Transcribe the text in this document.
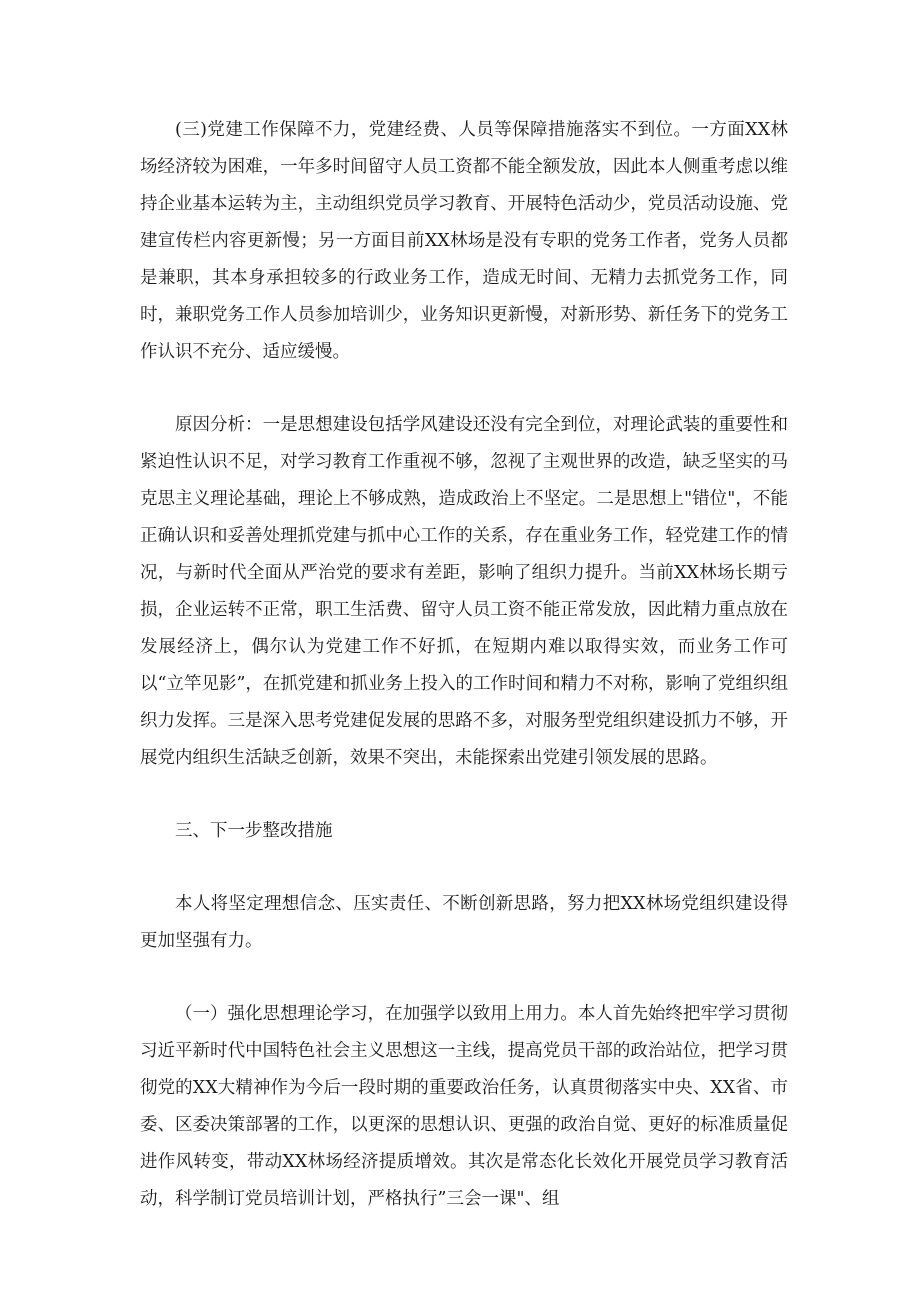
(三)党建工作保障不力，党建经费、人员等保障措施落实不到位。一方面XX林场经济较为困难，一年多时间留守人员工资都不能全额发放，因此本人侧重考虑以维持企业基本运转为主，主动组织党员学习教育、开展特色活动少，党员活动设施、党建宣传栏内容更新慢；另一方面目前XX林场是没有专职的党务工作者，党务人员都是兼职，其本身承担较多的行政业务工作，造成无时间、无精力去抓党务工作，同时，兼职党务工作人员参加培训少，业务知识更新慢，对新形势、新任务下的党务工作认识不充分、适应缓慢。

原因分析：一是思想建设包括学风建设还没有完全到位，对理论武装的重要性和紧迫性认识不足，对学习教育工作重视不够，忽视了主观世界的改造，缺乏坚实的马克思主义理论基础，理论上不够成熟，造成政治上不坚定。二是思想上"错位"，不能正确认识和妥善处理抓党建与抓中心工作的关系，存在重业务工作，轻党建工作的情况，与新时代全面从严治党的要求有差距，影响了组织力提升。当前XX林场长期亏损，企业运转不正常，职工生活费、留守人员工资不能正常发放，因此精力重点放在发展经济上，偶尔认为党建工作不好抓，在短期内难以取得实效，而业务工作可以“立竿见影”，在抓党建和抓业务上投入的工作时间和精力不对称，影响了党组织组织力发挥。三是深入思考党建促发展的思路不多，对服务型党组织建设抓力不够，开展党内组织生活缺乏创新，效果不突出，未能探索出党建引领发展的思路。

三、下一步整改措施

本人将坚定理想信念、压实责任、不断创新思路，努力把XX林场党组织建设得更加坚强有力。

（一）强化思想理论学习，在加强学以致用上用力。本人首先始终把牢学习贯彻习近平新时代中国特色社会主义思想这一主线，提高党员干部的政治站位，把学习贯彻党的XX大精神作为今后一段时期的重要政治任务，认真贯彻落实中央、XX省、市委、区委决策部署的工作，以更深的思想认识、更强的政治自觉、更好的标准质量促进作风转变，带动XX林场经济提质增效。其次是常态化长效化开展党员学习教育活动，科学制订党员培训计划，严格执行”三会一课"、组
